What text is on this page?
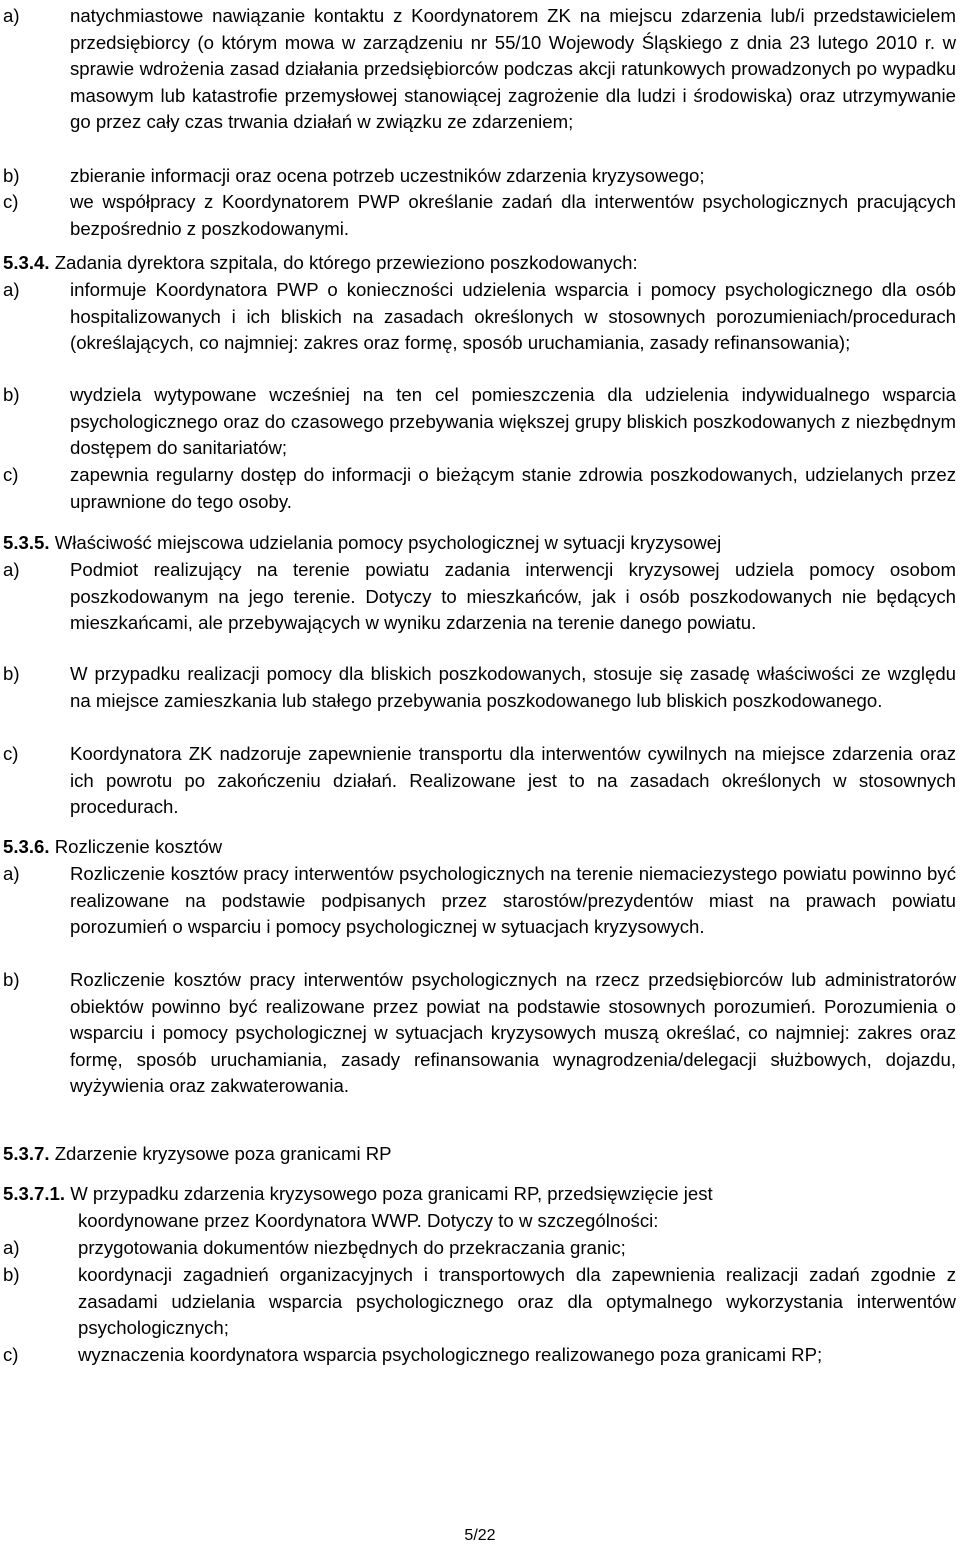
a)	natychmiastowe nawiązanie kontaktu z Koordynatorem ZK na miejscu zdarzenia lub/i przedstawicielem przedsiębiorcy (o którym mowa w zarządzeniu nr 55/10 Wojewody Śląskiego z dnia 23 lutego 2010 r. w sprawie wdrożenia zasad działania przedsiębiorców podczas akcji ratunkowych prowadzonych po wypadku masowym lub katastrofie przemysłowej stanowiącej zagrożenie dla ludzi i środowiska) oraz utrzymywanie go przez cały czas trwania działań w związku ze zdarzeniem;
b)	zbieranie informacji oraz ocena potrzeb uczestników zdarzenia kryzysowego;
c)	we współpracy z Koordynatorem PWP określanie zadań dla interwentów psychologicznych pracujących bezpośrednio z poszkodowanymi.
5.3.4. Zadania dyrektora szpitala, do którego przewieziono poszkodowanych:
a)	informuje Koordynatora PWP o konieczności udzielenia wsparcia i pomocy psychologicznego dla osób hospitalizowanych i ich bliskich na zasadach określonych w stosownych porozumieniach/procedurach (określających, co najmniej: zakres oraz formę, sposób uruchamiania, zasady refinansowania);
b)	wydziela wytypowane wcześniej na ten cel pomieszczenia dla udzielenia indywidualnego wsparcia psychologicznego oraz do czasowego przebywania większej grupy bliskich poszkodowanych z niezbędnym dostępem do sanitariatów;
c)	zapewnia regularny dostęp do informacji o bieżącym stanie zdrowia poszkodowanych, udzielanych przez uprawnione do tego osoby.
5.3.5. Właściwość miejscowa udzielania pomocy psychologicznej w sytuacji kryzysowej
a)	Podmiot realizujący na terenie powiatu zadania interwencji kryzysowej udziela pomocy osobom poszkodowanym na jego terenie. Dotyczy to mieszkańców, jak i osób poszkodowanych nie będących mieszkańcami, ale przebywających w wyniku zdarzenia na terenie danego powiatu.
b)	W przypadku realizacji pomocy dla bliskich poszkodowanych, stosuje się zasadę właściwości ze względu na miejsce zamieszkania lub stałego przebywania poszkodowanego lub bliskich poszkodowanego.
c)	Koordynatora ZK nadzoruje zapewnienie transportu dla interwentów cywilnych na miejsce zdarzenia oraz ich powrotu po zakończeniu działań. Realizowane jest to na zasadach określonych w stosownych procedurach.
5.3.6. Rozliczenie kosztów
a)	Rozliczenie kosztów pracy interwentów psychologicznych na terenie niemaciezystego powiatu powinno być realizowane na podstawie podpisanych przez starostów/prezydentów miast na prawach powiatu porozumień o wsparciu i pomocy psychologicznej w sytuacjach kryzysowych.
b)	Rozliczenie kosztów pracy interwentów psychologicznych na rzecz przedsiębiorców lub administratorów obiektów powinno być realizowane przez powiat na podstawie stosownych porozumień. Porozumienia o wsparciu i pomocy psychologicznej w sytuacjach kryzysowych muszą określać, co najmniej: zakres oraz formę, sposób uruchamiania, zasady refinansowania wynagrodzenia/delegacji służbowych, dojazdu, wyżywienia oraz zakwaterowania.
5.3.7. Zdarzenie kryzysowe poza granicami RP
5.3.7.1. W przypadku zdarzenia kryzysowego poza granicami RP, przedsięwzięcie jest
koordynowane przez Koordynatora WWP. Dotyczy to w szczególności:
a)	przygotowania dokumentów niezbędnych do przekraczania granic;
b)	koordynacji zagadnień organizacyjnych i transportowych dla zapewnienia realizacji zadań zgodnie z zasadami udzielania wsparcia psychologicznego oraz dla optymalnego wykorzystania interwentów psychologicznych;
c)	wyznaczenia koordynatora wsparcia psychologicznego realizowanego poza granicami RP;
5/22
